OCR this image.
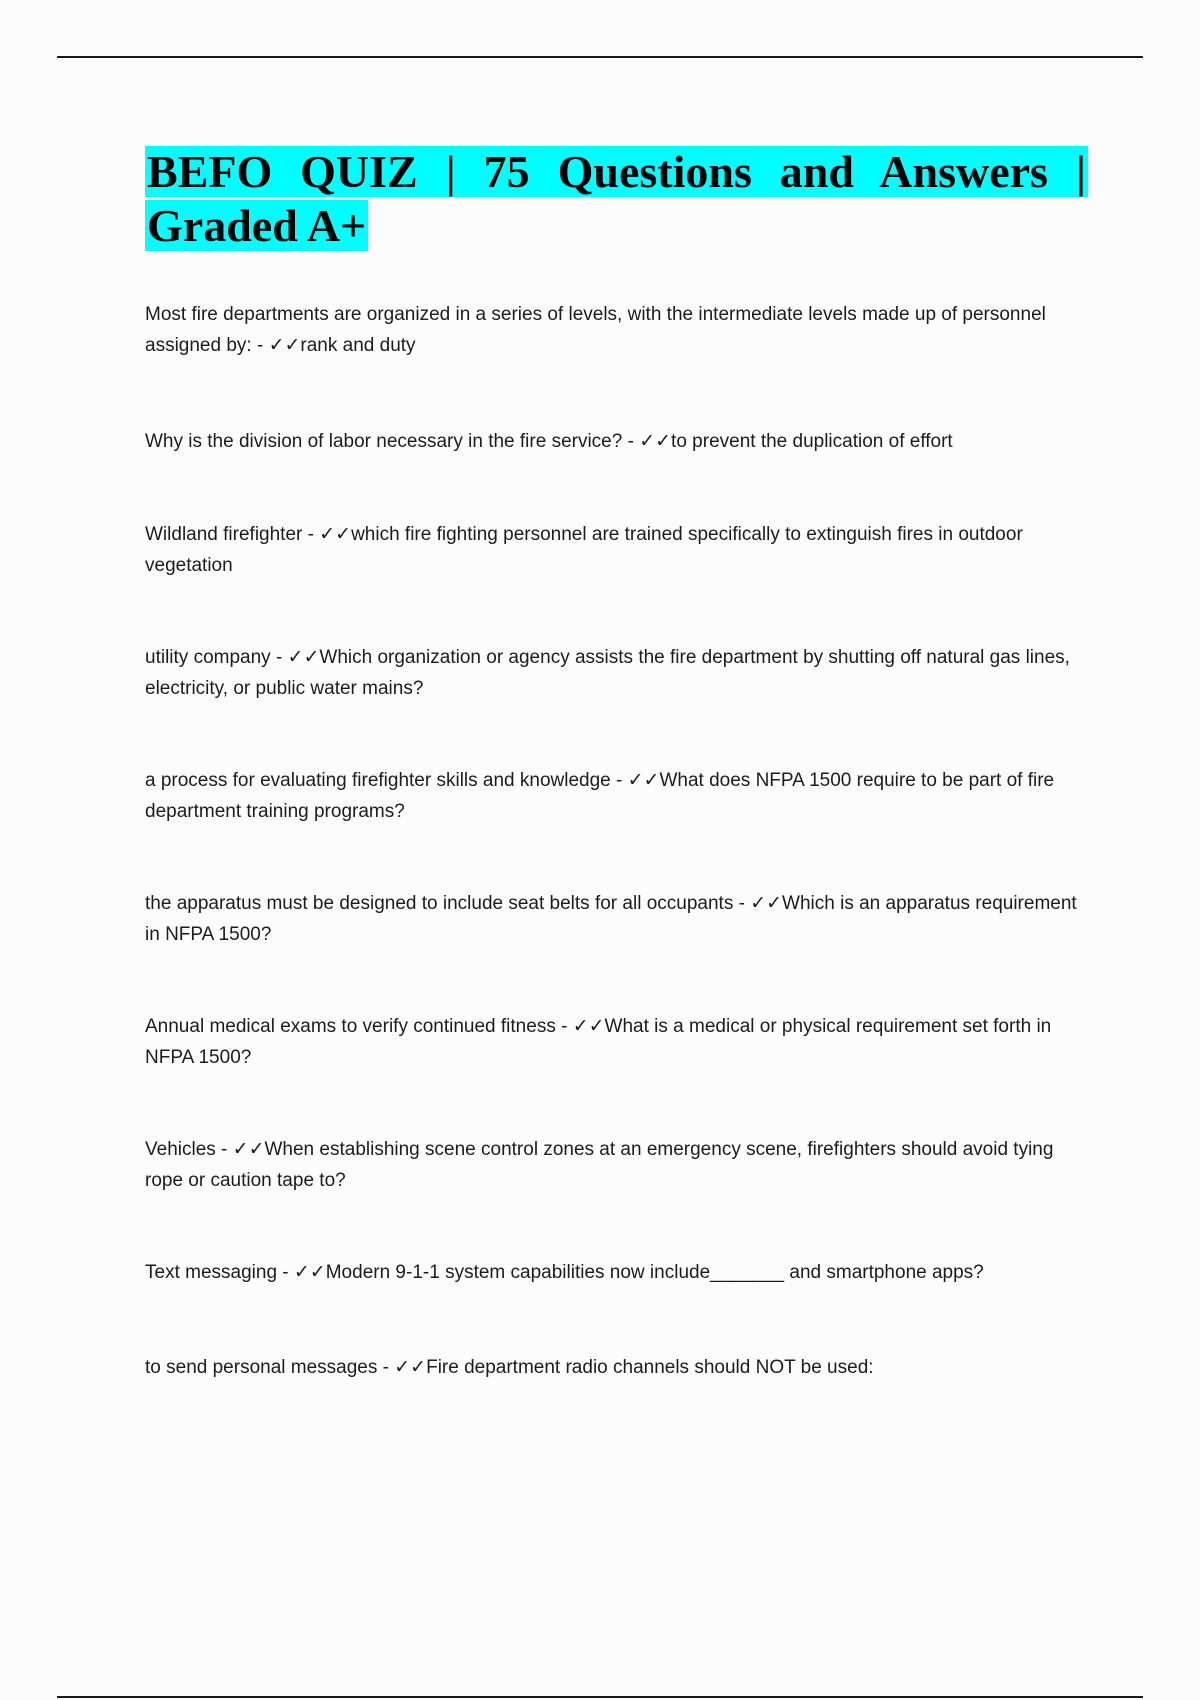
BEFO QUIZ | 75 Questions and Answers | Graded A+

Most fire departments are organized in a series of levels, with the intermediate levels made up of personnel assigned by: - ✓✓rank and duty

Why is the division of labor necessary in the fire service? - ✓✓to prevent the duplication of effort

Wildland firefighter - ✓✓which fire fighting personnel are trained specifically to extinguish fires in outdoor vegetation

utility company - ✓✓Which organization or agency assists the fire department by shutting off natural gas lines, electricity, or public water mains?

a process for evaluating firefighter skills and knowledge - ✓✓What does NFPA 1500 require to be part of fire department training programs?

the apparatus must be designed to include seat belts for all occupants - ✓✓Which is an apparatus requirement in NFPA 1500?

Annual medical exams to verify continued fitness - ✓✓What is a medical or physical requirement set forth in NFPA 1500?

Vehicles - ✓✓When establishing scene control zones at an emergency scene, firefighters should avoid tying rope or caution tape to?

Text messaging - ✓✓Modern 9-1-1 system capabilities now include_______ and smartphone apps?

to send personal messages - ✓✓Fire department radio channels should NOT be used:
